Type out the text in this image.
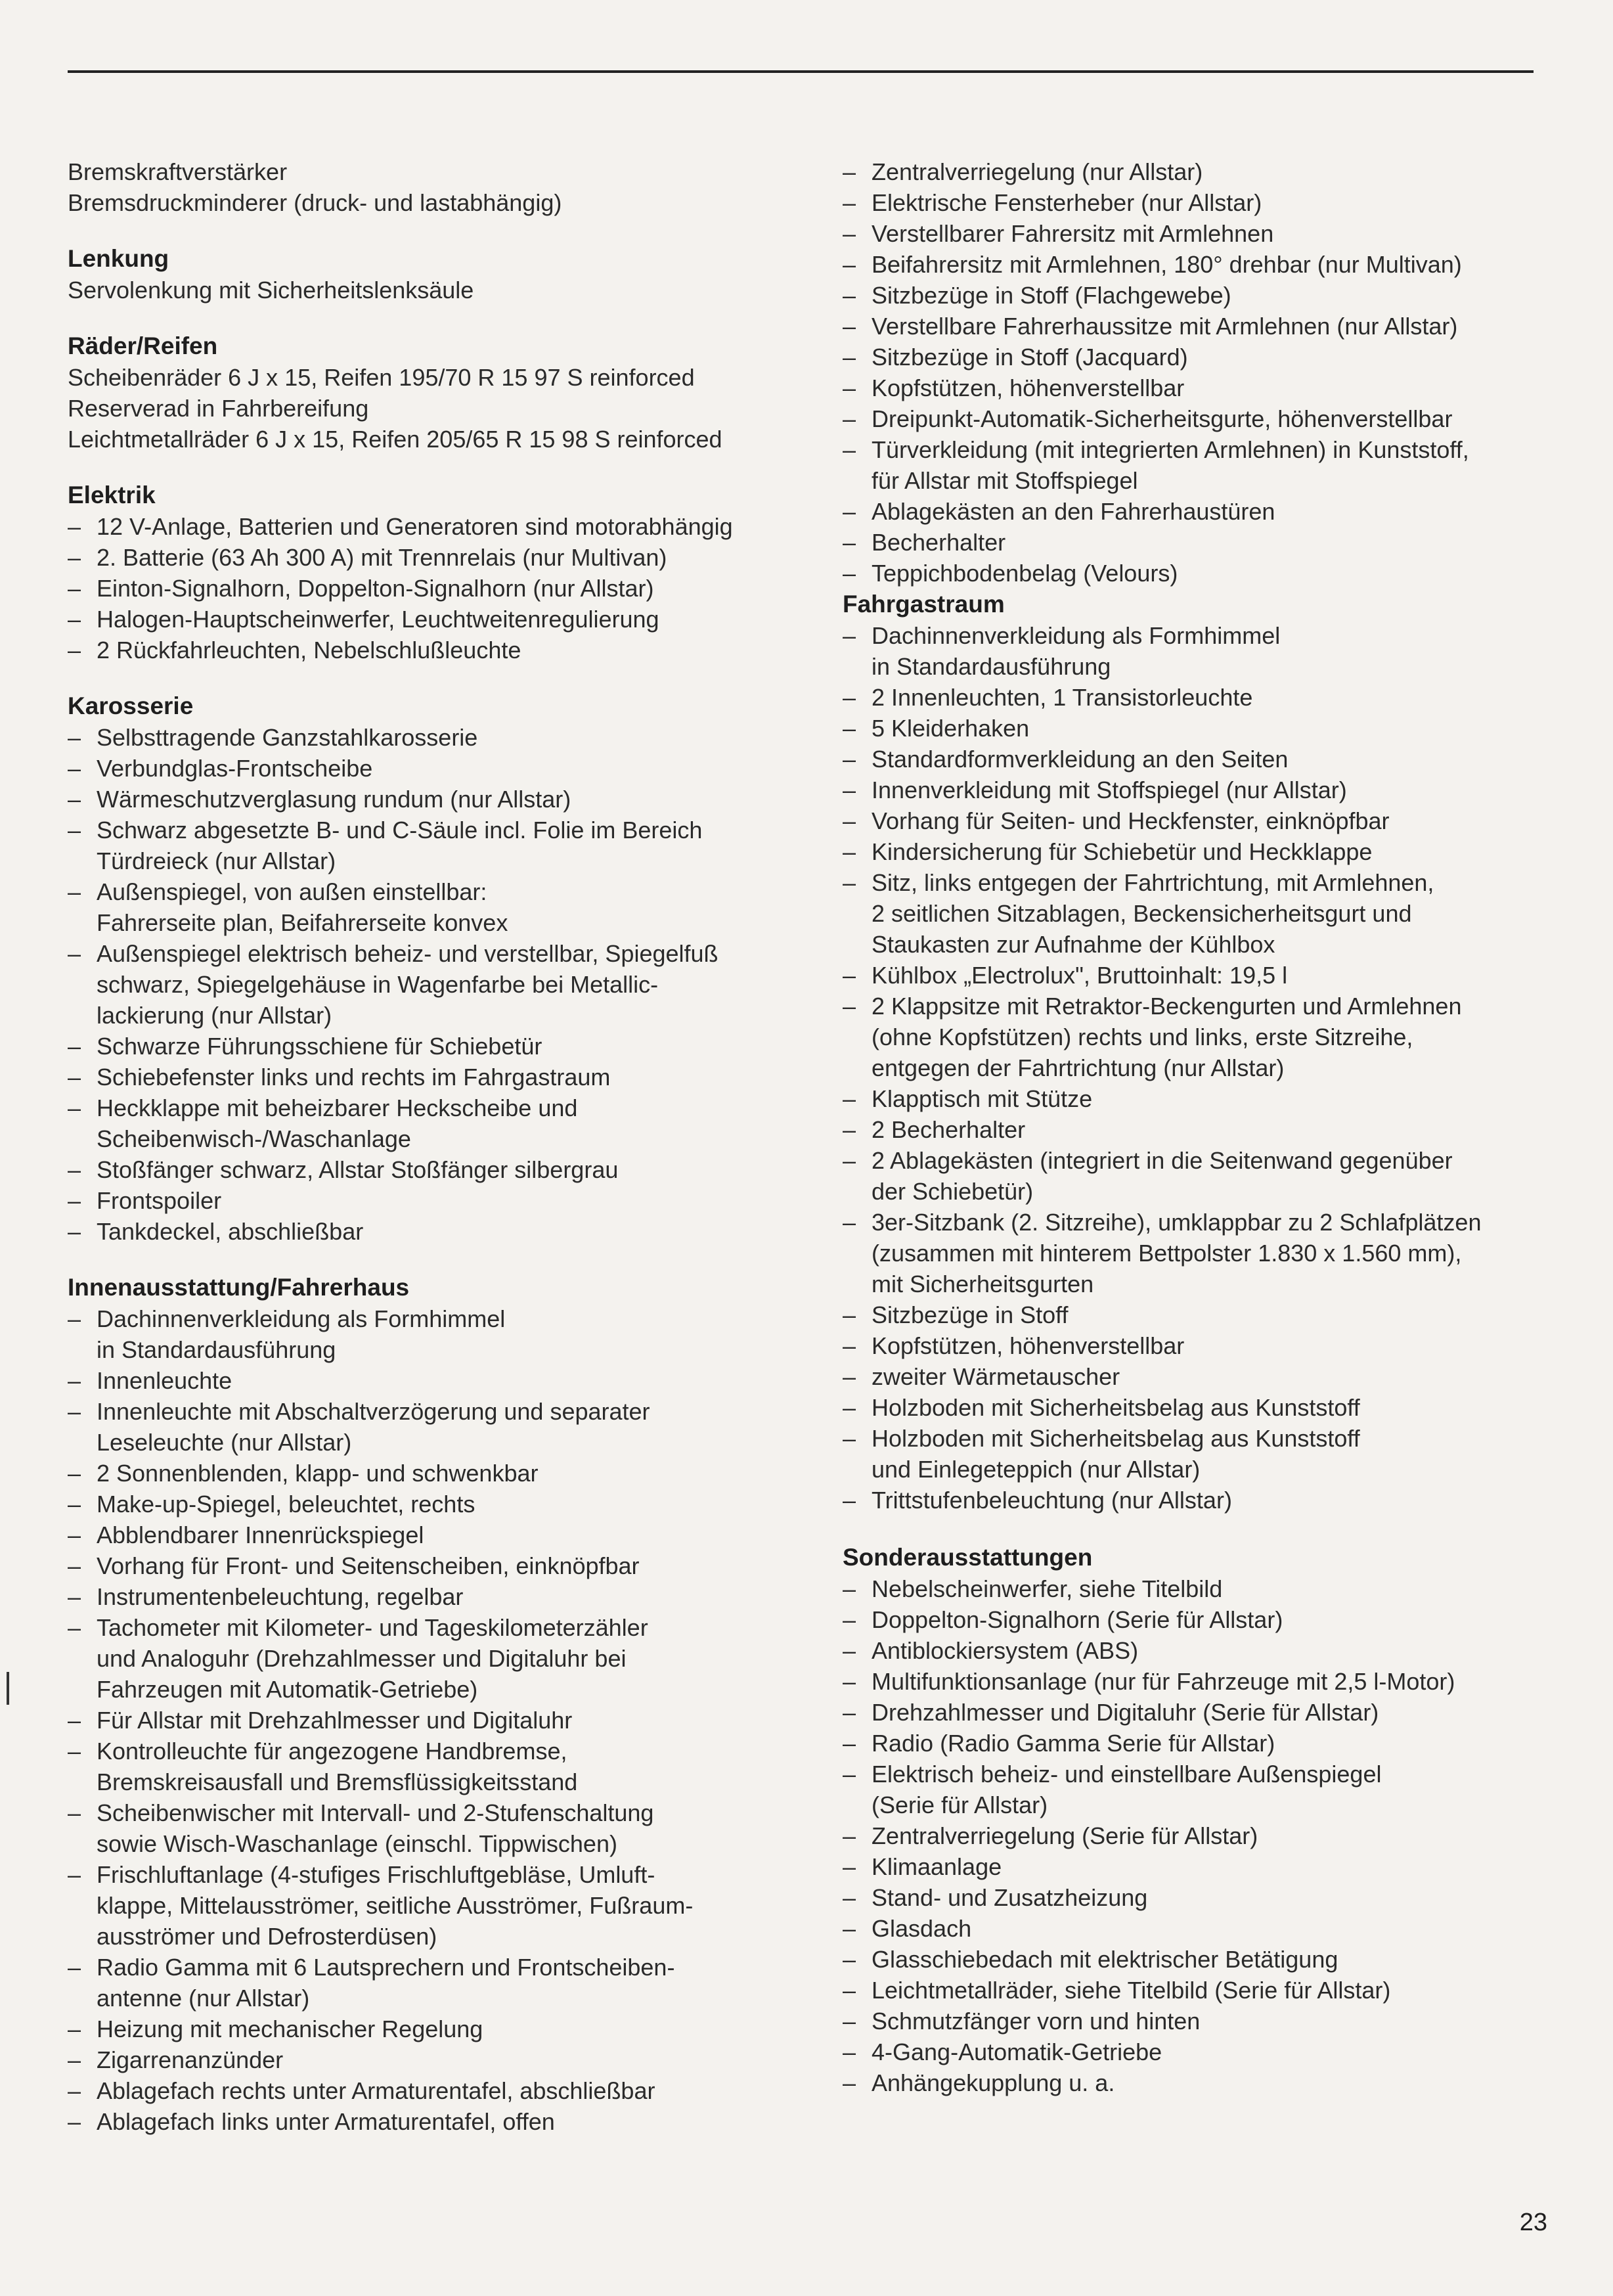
Bremskraftverstärker
Bremsdruckminderer (druck- und lastabhängig)
Lenkung
Servolenkung mit Sicherheitslenksäule
Räder/Reifen
Scheibenräder 6 J x 15, Reifen 195/70 R 15 97 S reinforced
Reserverad in Fahrbereifung
Leichtmetallräder 6 J x 15, Reifen 205/65 R 15 98 S reinforced
Elektrik
– 12 V-Anlage, Batterien und Generatoren sind motorabhängig
– 2. Batterie (63 Ah 300 A) mit Trennrelais (nur Multivan)
– Einton-Signalhorn, Doppelton-Signalhorn (nur Allstar)
– Halogen-Hauptscheinwerfer, Leuchtweitenregulierung
– 2 Rückfahrleuchten, Nebelschlußleuchte
Karosserie
– Selbsttragende Ganzstahlkarosserie
– Verbundglas-Frontscheibe
– Wärmeschutzverglasung rundum (nur Allstar)
– Schwarz abgesetzte B- und C-Säule incl. Folie im Bereich
Türdreieck (nur Allstar)
– Außenspiegel, von außen einstellbar:
Fahrerseite plan, Beifahrerseite konvex
– Außenspiegel elektrisch beheiz- und verstellbar, Spiegelfuß
schwarz, Spiegelgehäuse in Wagenfarbe bei Metallic-
lackierung (nur Allstar)
– Schwarze Führungsschiene für Schiebetür
– Schiebefenster links und rechts im Fahrgastraum
– Heckklappe mit beheizbarer Heckscheibe und
Scheibenwisch-/Waschanlage
– Stoßfänger schwarz, Allstar Stoßfänger silbergrau
– Frontspoiler
– Tankdeckel, abschließbar
Innenausstattung/Fahrerhaus
– Dachinnenverkleidung als Formhimmel
in Standardausführung
– Innenleuchte
– Innenleuchte mit Abschaltverzögerung und separater
Leseleuchte (nur Allstar)
– 2 Sonnenblenden, klapp- und schwenkbar
– Make-up-Spiegel, beleuchtet, rechts
– Abblendbarer Innenrückspiegel
– Vorhang für Front- und Seitenscheiben, einknöpfbar
– Instrumentenbeleuchtung, regelbar
– Tachometer mit Kilometer- und Tageskilometerzähler
und Analoguhr (Drehzahlmesser und Digitaluhr bei
Fahrzeugen mit Automatik-Getriebe)
– Für Allstar mit Drehzahlmesser und Digitaluhr
– Kontrolleuchte für angezogene Handbremse,
Bremskreisausfall und Bremsflüssigkeitsstand
– Scheibenwischer mit Intervall- und 2-Stufenschaltung
sowie Wisch-Waschanlage (einschl. Tippwischen)
– Frischluftanlage (4-stufiges Frischluftgebläse, Umluft-
klappe, Mittelausströmer, seitliche Ausströmer, Fußraum-
ausströmer und Defrosterdüsen)
– Radio Gamma mit 6 Lautsprechern und Frontscheiben-
antenne (nur Allstar)
– Heizung mit mechanischer Regelung
– Zigarrenanzünder
– Ablagefach rechts unter Armaturentafel, abschließbar
– Ablagefach links unter Armaturentafel, offen
– Zentralverriegelung (nur Allstar)
– Elektrische Fensterheber (nur Allstar)
– Verstellbarer Fahrersitz mit Armlehnen
– Beifahrersitz mit Armlehnen, 180° drehbar (nur Multivan)
– Sitzbezüge in Stoff (Flachgewebe)
– Verstellbare Fahrerhaussitze mit Armlehnen (nur Allstar)
– Sitzbezüge in Stoff (Jacquard)
– Kopfstützen, höhenverstellbar
– Dreipunkt-Automatik-Sicherheitsgurte, höhenverstellbar
– Türverkleidung (mit integrierten Armlehnen) in Kunststoff,
für Allstar mit Stoffspiegel
– Ablagekästen an den Fahrerhaustüren
– Becherhalter
– Teppichbodenbelag (Velours)
Fahrgastraum
– Dachinnenverkleidung als Formhimmel
in Standardausführung
– 2 Innenleuchten, 1 Transistorleuchte
– 5 Kleiderhaken
– Standardformverkleidung an den Seiten
– Innenverkleidung mit Stoffspiegel (nur Allstar)
– Vorhang für Seiten- und Heckfenster, einknöpfbar
– Kindersicherung für Schiebetür und Heckklappe
– Sitz, links entgegen der Fahrtrichtung, mit Armlehnen,
2 seitlichen Sitzablagen, Beckensicherheitsgurt und
Staukasten zur Aufnahme der Kühlbox
– Kühlbox „Electrolux", Bruttoinhalt: 19,5 l
– 2 Klappsitze mit Retraktor-Beckengurten und Armlehnen
(ohne Kopfstützen) rechts und links, erste Sitzreihe,
entgegen der Fahrtrichtung (nur Allstar)
– Klapptisch mit Stütze
– 2 Becherhalter
– 2 Ablagekästen (integriert in die Seitenwand gegenüber
der Schiebetür)
– 3er-Sitzbank (2. Sitzreihe), umklappbar zu 2 Schlafplätzen
(zusammen mit hinterem Bettpolster 1.830 x 1.560 mm),
mit Sicherheitsgurten
– Sitzbezüge in Stoff
– Kopfstützen, höhenverstellbar
– zweiter Wärmetauscher
– Holzboden mit Sicherheitsbelag aus Kunststoff
– Holzboden mit Sicherheitsbelag aus Kunststoff
und Einlegeteppich (nur Allstar)
– Trittstufenbeleuchtung (nur Allstar)
Sonderausstattungen
– Nebelscheinwerfer, siehe Titelbild
– Doppelton-Signalhorn (Serie für Allstar)
– Antiblockiersystem (ABS)
– Multifunktionsanlage (nur für Fahrzeuge mit 2,5 l-Motor)
– Drehzahlmesser und Digitaluhr (Serie für Allstar)
– Radio (Radio Gamma Serie für Allstar)
– Elektrisch beheiz- und einstellbare Außenspiegel
(Serie für Allstar)
– Zentralverriegelung (Serie für Allstar)
– Klimaanlage
– Stand- und Zusatzheizung
– Glasdach
– Glasschiebedach mit elektrischer Betätigung
– Leichtmetallräder, siehe Titelbild (Serie für Allstar)
– Schmutzfänger vorn und hinten
– 4-Gang-Automatik-Getriebe
– Anhängekupplung u. a.
23
